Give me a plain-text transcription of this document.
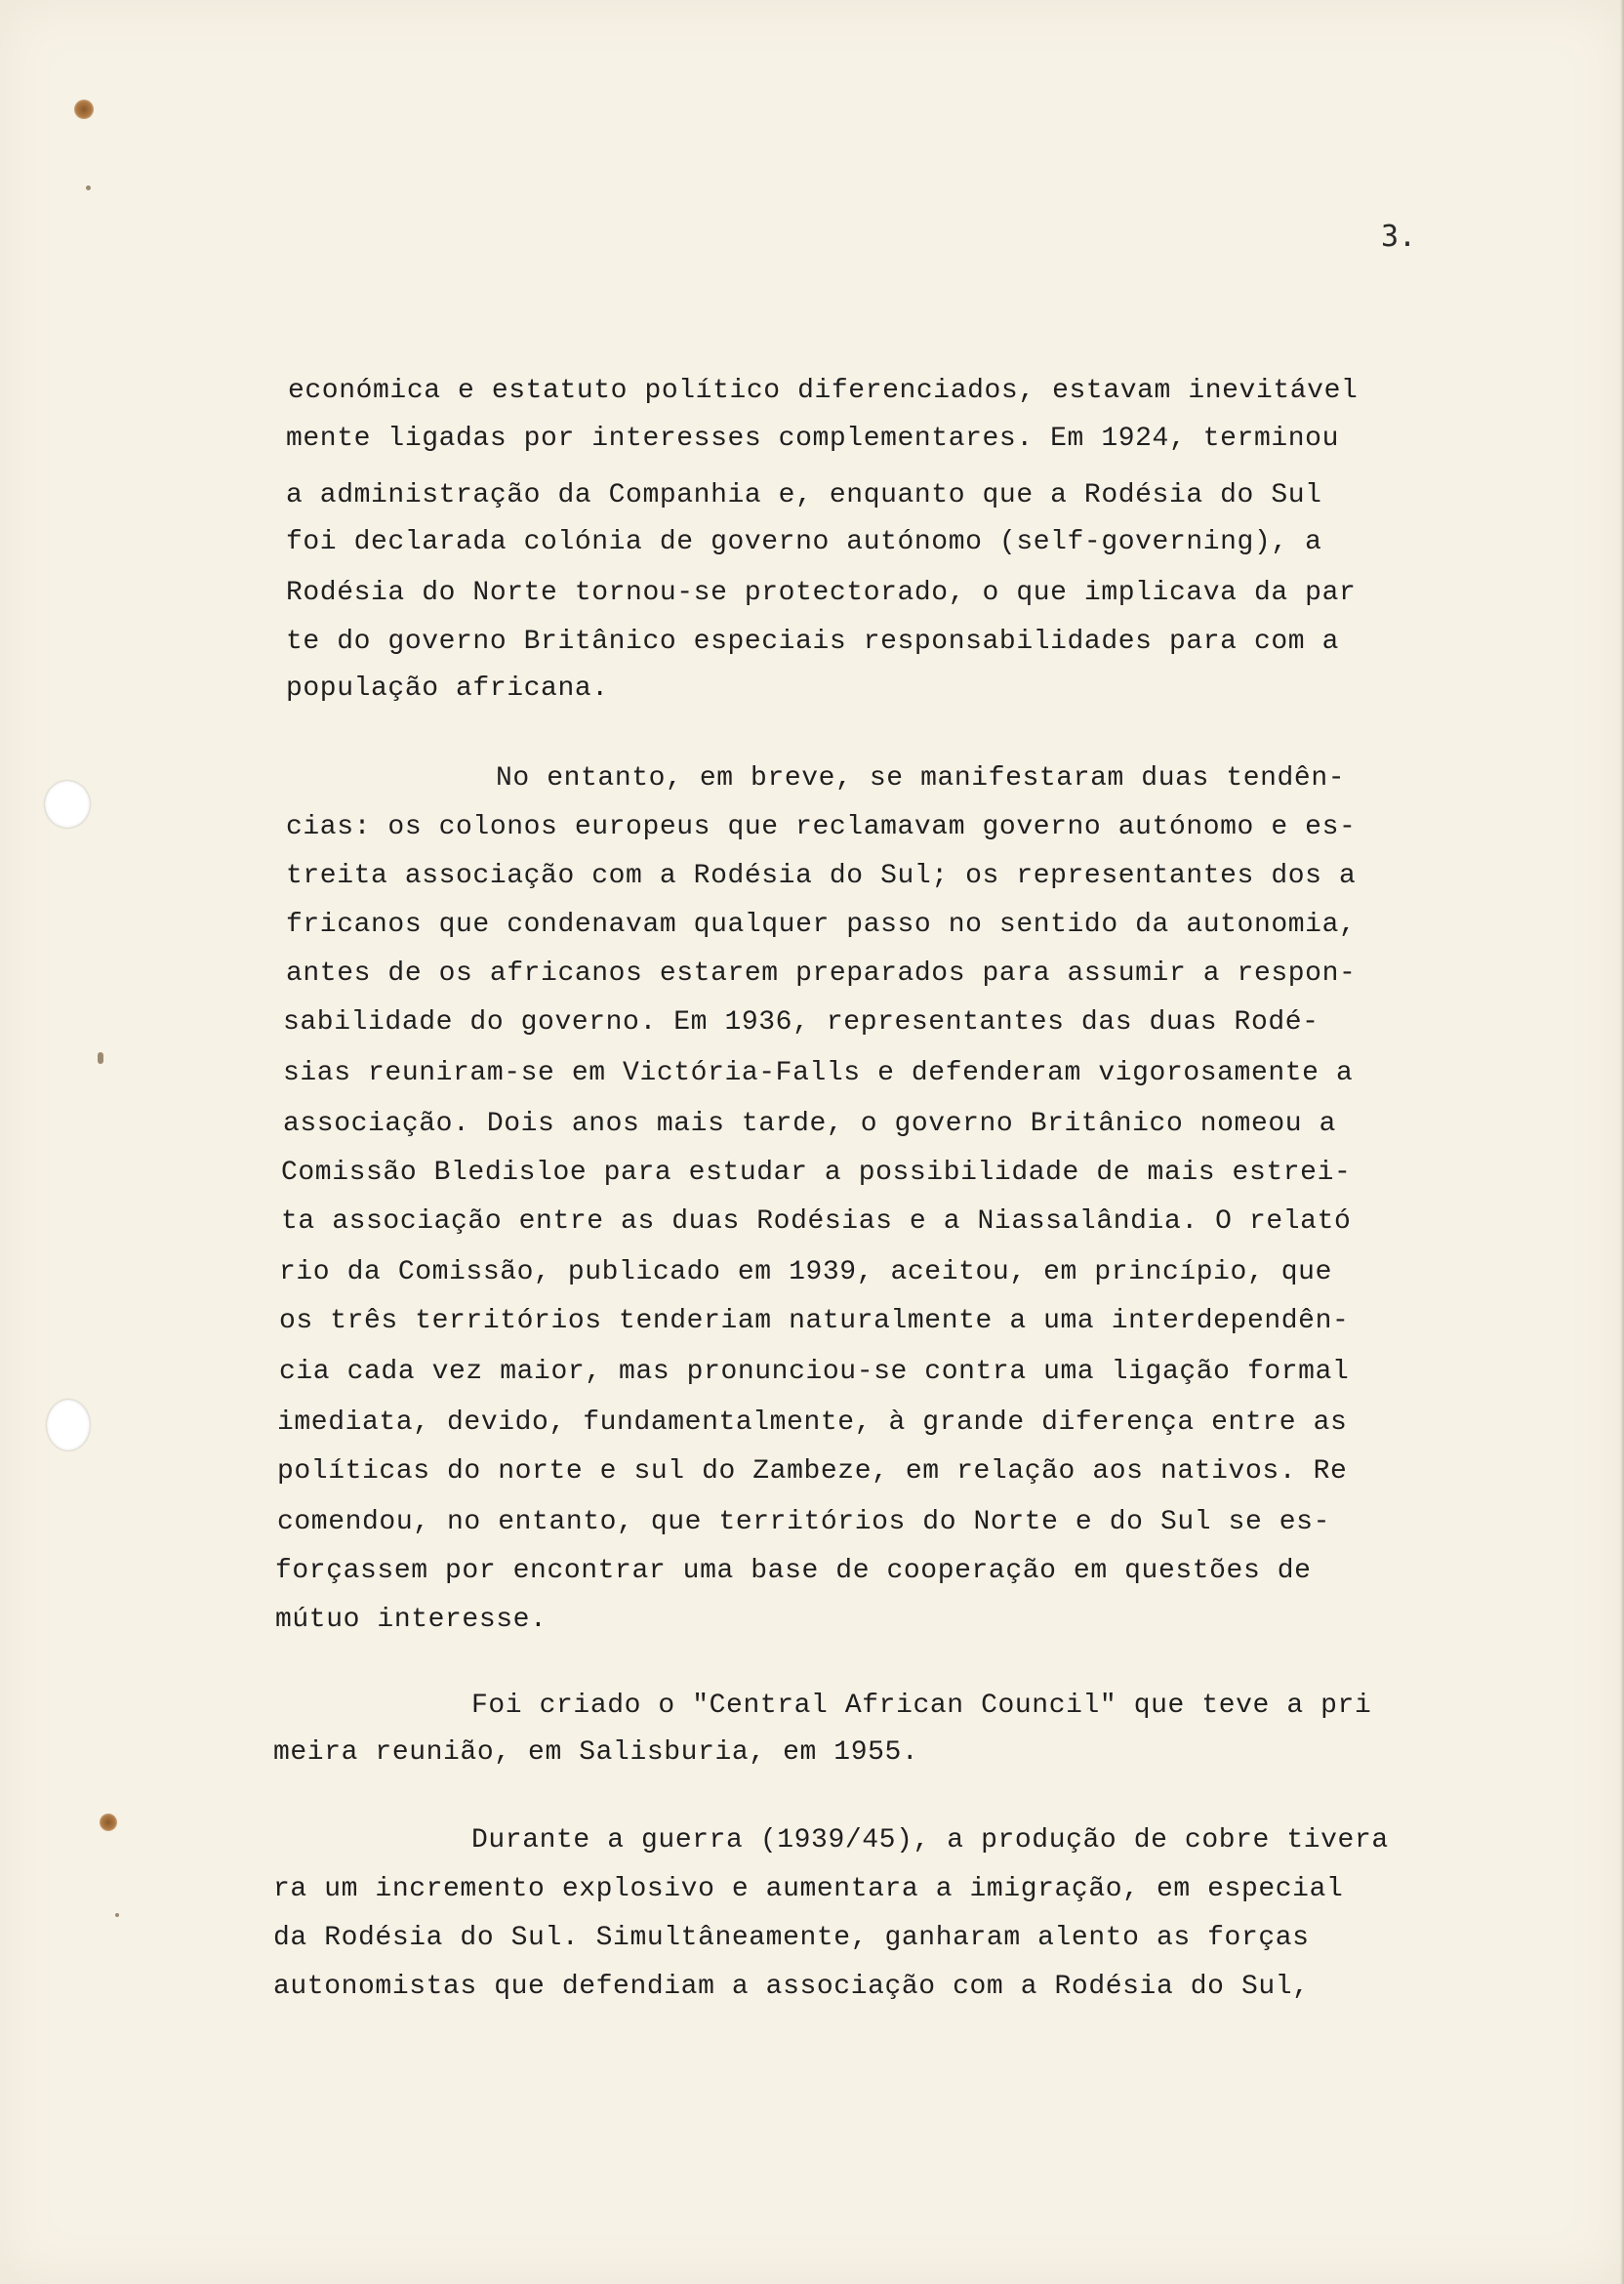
3.
económica e estatuto político diferenciados, estavam inevitável
mente ligadas por interesses complementares. Em 1924, terminou
a administração da Companhia e, enquanto que a Rodésia do Sul
foi declarada colónia de governo autónomo (self-governing), a
Rodésia do Norte tornou-se protectorado, o que implicava da par
te do governo Britânico especiais responsabilidades para com a
população africana.
No entanto, em breve, se manifestaram duas tendên-
cias: os colonos europeus que reclamavam governo autónomo e es-
treita associação com a Rodésia do Sul; os representantes dos a
fricanos que condenavam qualquer passo no sentido da autonomia,
antes de os africanos estarem preparados para assumir a respon-
sabilidade do governo. Em 1936, representantes das duas Rodé-
sias reuniram-se em Victória-Falls e defenderam vigorosamente a
associação. Dois anos mais tarde, o governo Britânico nomeou a
Comissão Bledisloe para estudar a possibilidade de mais estrei-
ta associação entre as duas Rodésias e a Niassalândia. O relató
rio da Comissão, publicado em 1939, aceitou, em princípio, que
os três territórios tenderiam naturalmente a uma interdependên-
cia cada vez maior, mas pronunciou-se contra uma ligação formal
imediata, devido, fundamentalmente, à grande diferença entre as
políticas do norte e sul do Zambeze, em relação aos nativos. Re
comendou, no entanto, que territórios do Norte e do Sul se es-
forçassem por encontrar uma base de cooperação em questões de
mútuo interesse.
Foi criado o "Central African Council" que teve a pri
meira reunião, em Salisburia, em 1955.
Durante a guerra (1939/45), a produção de cobre tivera
ra um incremento explosivo e aumentara a imigração, em especial
da Rodésia do Sul. Simultâneamente, ganharam alento as forças
autonomistas que defendiam a associação com a Rodésia do Sul,
